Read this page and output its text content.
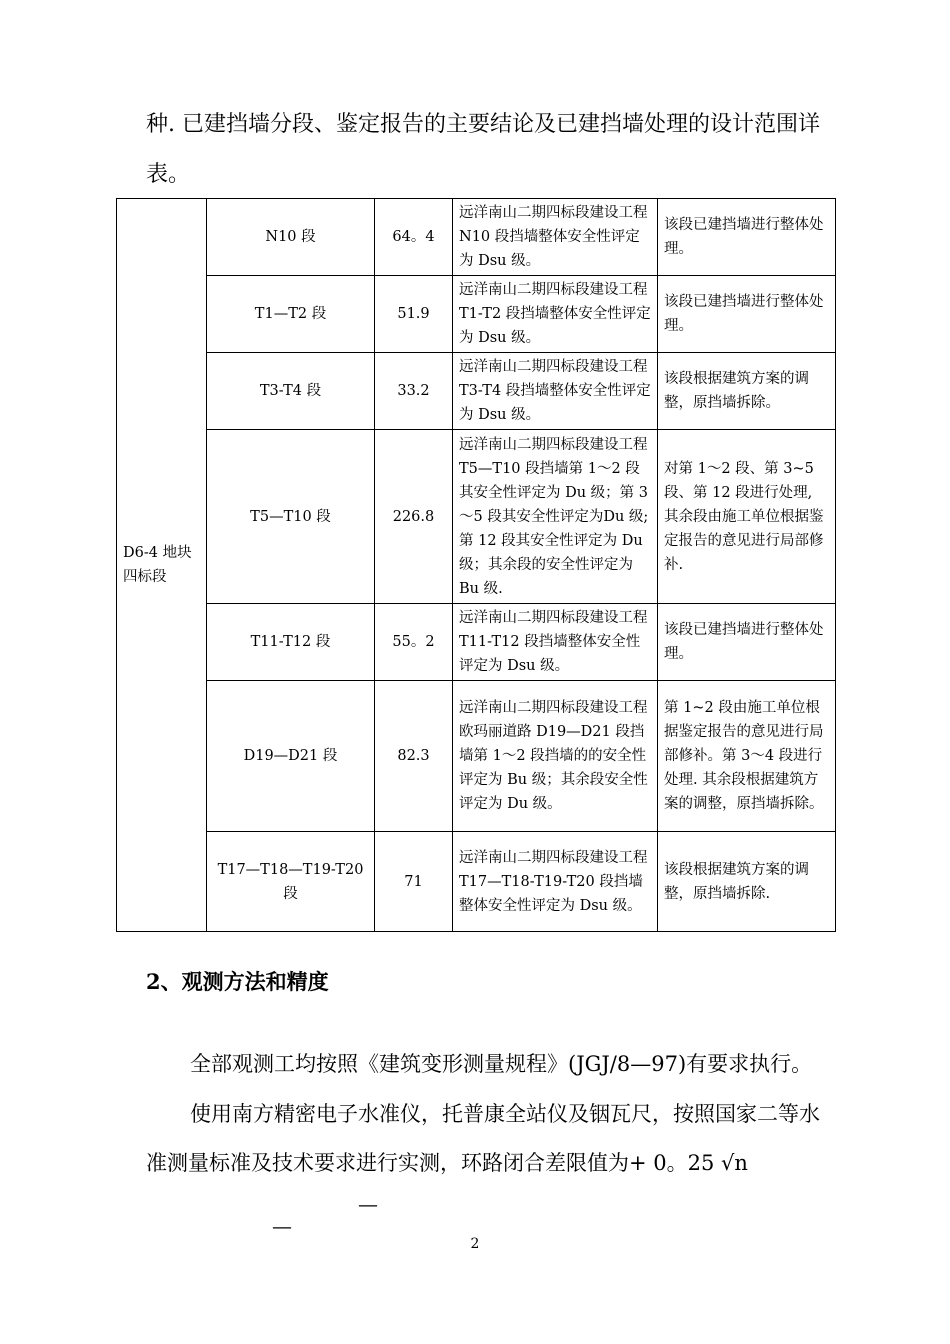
种. 已建挡墙分段、鉴定报告的主要结论及已建挡墙处理的设计范围详表。

D6-4 地块四标段	N10 段	64。4	远洋南山二期四标段建设工程 N10 段挡墙整体安全性评定为 Dsu 级。	该段已建挡墙进行整体处理。
	T1—T2 段	51.9	远洋南山二期四标段建设工程 T1-T2 段挡墙整体安全性评定为 Dsu 级。	该段已建挡墙进行整体处理。
	T3-T4 段	33.2	远洋南山二期四标段建设工程 T3-T4 段挡墙整体安全性评定为 Dsu 级。	该段根据建筑方案的调整，原挡墙拆除。
	T5—T10 段	226.8	远洋南山二期四标段建设工程 T5—T10 段挡墙第 1～2 段其安全性评定为 Du 级；第 3～5 段其安全性评定为Du 级;第 12 段其安全性评定为 Du 级；其余段的安全性评定为 Bu 级.	对第 1～2 段、第 3~5 段、第 12 段进行处理, 其余段由施工单位根据鉴定报告的意见进行局部修补.
	T11-T12 段	55。2	远洋南山二期四标段建设工程 T11-T12 段挡墙整体安全性评定为 Dsu 级。	该段已建挡墙进行整体处理。
	D19—D21 段	82.3	远洋南山二期四标段建设工程欧玛丽道路 D19—D21 段挡墙第 1～2 段挡墙的的安全性评定为 Bu 级；其余段安全性评定为 Du 级。	第 1~2 段由施工单位根据鉴定报告的意见进行局部修补。第 3～4 段进行处理. 其余段根据建筑方案的调整，原挡墙拆除。
	T17—T18—T19-T20 段	71	远洋南山二期四标段建设工程 T17—T18-T19-T20 段挡墙整体安全性评定为 Dsu 级。	该段根据建筑方案的调整，原挡墙拆除.

2、观测方法和精度

全部观测工均按照《建筑变形测量规程》(JGJ/8—97)有要求执行。

使用南方精密电子水准仪，托普康全站仪及铟瓦尺，按照国家二等水准测量标准及技术要求进行实测，环路闭合差限值为+ 0。25 √n

—
—
2
